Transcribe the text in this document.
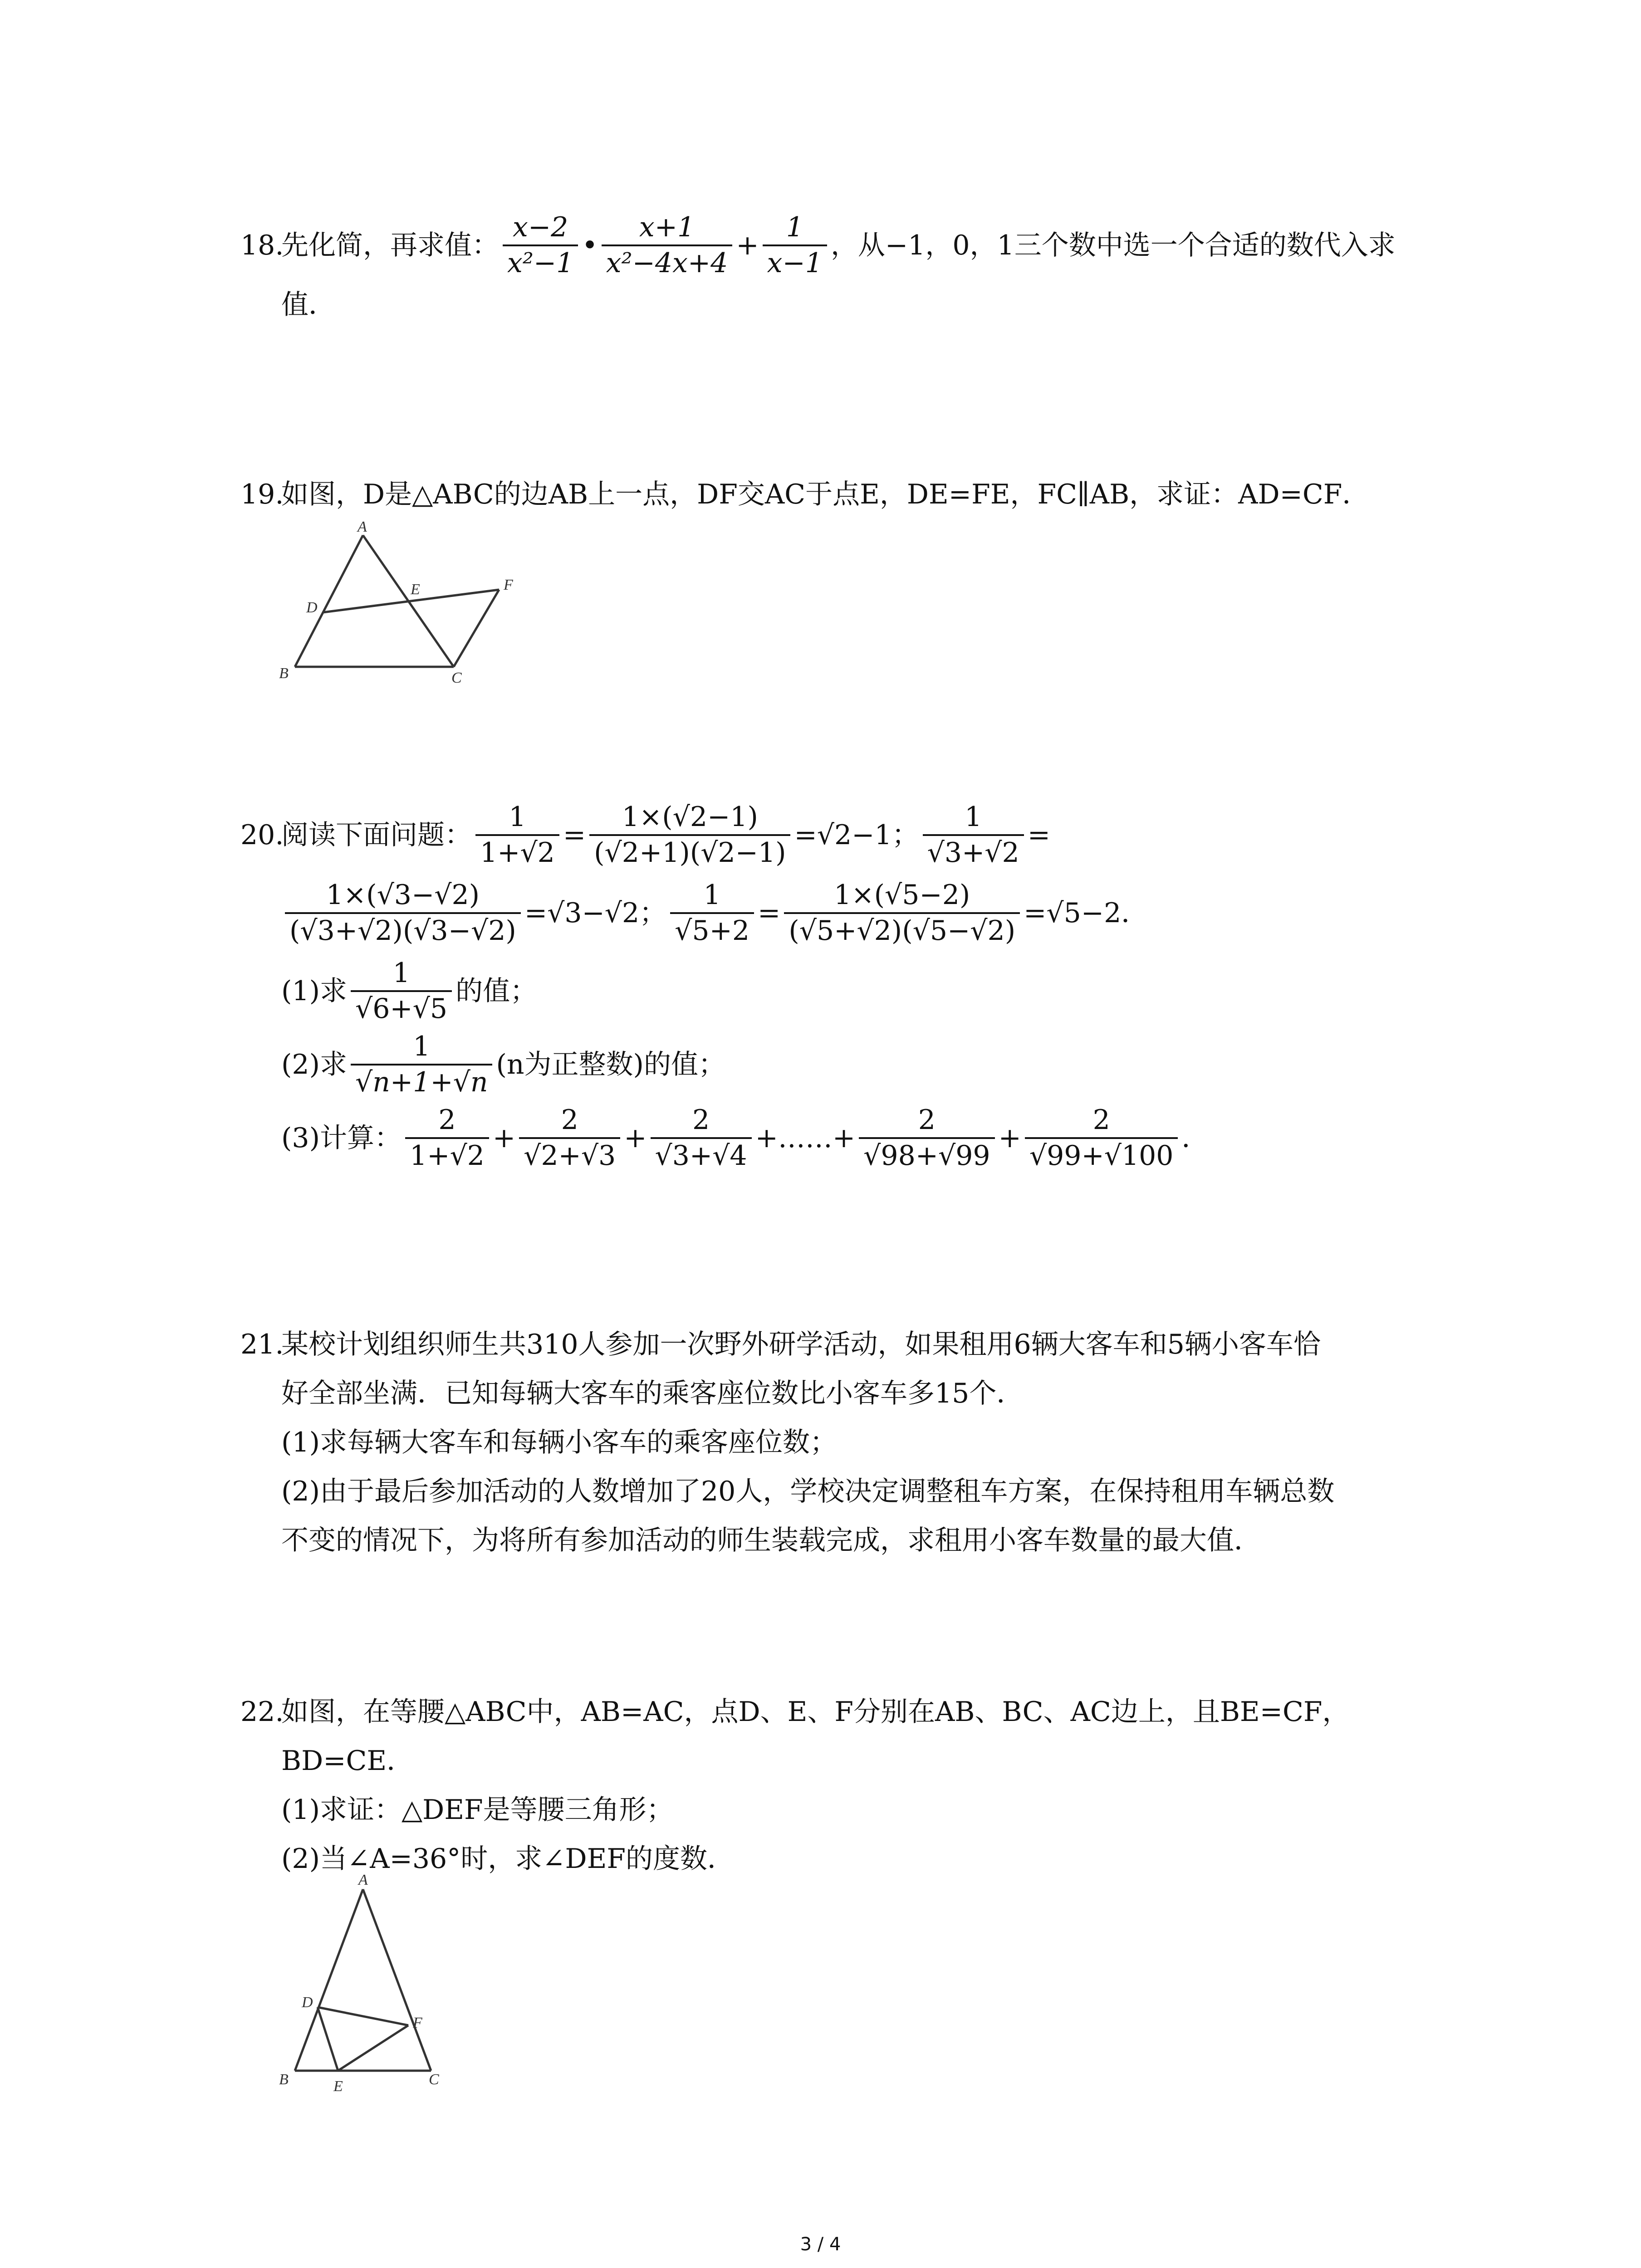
18.
先化简，再求值： $\frac{x-2}{\text{x²−1}}$ • $\frac{x+1}{\text{x²−4x+4}} + \frac{1}{x-1}$ ，从−1，0，1三个数中选一个合适的数代入求
值．
19.
如图，D是△ABC的边AB上一点，DF交AC于点E，DE=FE，FC∥AB，求证：AD=CF．
A
B	C
D
E	F
20.
阅读下面问题： $\frac{1}{1+√2} = \frac{1\times(√2-1)}{(√2+1)(√2-1)} =√2-1$； $\frac{1}{√3+√2}$ =
$\frac{1\times(√3-√2)}{(√3+√2)(√3-√2)} =√3-√2$； $\frac{1}{√5+2} = \frac{1\times(√5-2)}{(√5+√2)(√5-√2)} =√5-2$．
(1)求 $\frac{1}{√6+√5}$ 的值；
(2)求 $\frac{1}{√n+1+√n} (n$为正整数)的值；
(3)计算： $\frac{2}{1+√2} + \frac{2}{√2+√3} + \frac{2}{√3+√4}$ +……+ $\frac{2}{√98+√99} + \frac{2}{√99+√100}$ ．
21.某校计划组织师生共310人参加一次野外研学活动，如果租用6辆大客车和5辆小客车恰
好全部坐满．已知每辆大客车的乘客座位数比小客车多15个．
(1)求每辆大客车和每辆小客车的乘客座位数；
(2)由于最后参加活动的人数增加了20人，学校决定调整租车方案，在保持租用车辆总数
不变的情况下，为将所有参加活动的师生装载完成，求租用小客车数量的最大值．
22.如图，在等腰△ABC中，AB=AC，点D、E、F分别在AB、BC、AC边上，且BE=CF，
BD=CE．
(1)求证：△DEF是等腰三角形；
(2)当∠A=36°时，求∠DEF的度数．
A
B	C
D
E
F
3 / 4
